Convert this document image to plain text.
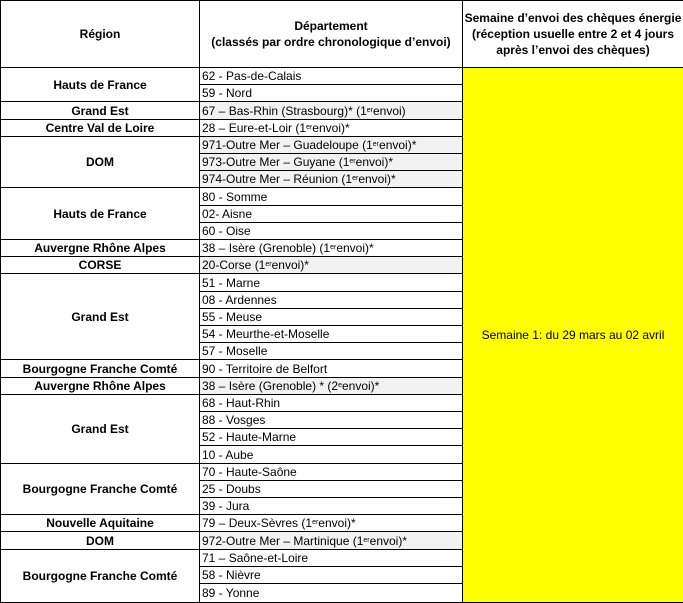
Région
Département
(classés par ordre chronologique d’envoi)
Semaine d’envoi des chèques énergie
(réception usuelle entre 2 et 4 jours
après l’envoi des chèques)
Semaine 1: du 29 mars au 02 avril
62 - Pas-de-Calais
59 - Nord
67 – Bas-Rhin (Strasbourg)* (1 er envoi)
28 – Eure-et-Loir (1 er envoi)*
971-Outre Mer – Guadeloupe (1 er envoi)*
973-Outre Mer – Guyane (1 er envoi)*
974-Outre Mer – Réunion (1 er envoi)*
80 - Somme
02- Aisne
60 - Oise
38 – Isère (Grenoble) (1 er envoi)*
20-Corse (1 er envoi)*
51 - Marne
08 - Ardennes
55 - Meuse
54 - Meurthe-et-Moselle
57 - Moselle
90 - Territoire de Belfort
38 – Isère (Grenoble) * (2 e envoi)*
68 - Haut-Rhin
88 - Vosges
52 - Haute-Marne
10 - Aube
70 - Haute-Saône
25 - Doubs
39 - Jura
79 – Deux-Sèvres (1 er envoi)*
972-Outre Mer – Martinique (1 er envoi)*
71 – Saône-et-Loire
58 - Nièvre
89 - Yonne
Hauts de France
Grand Est
Centre Val de Loire
DOM
Hauts de France
Auvergne Rhône Alpes
CORSE
Grand Est
Bourgogne Franche Comté
Auvergne Rhône Alpes
Grand Est
Bourgogne Franche Comté
Nouvelle Aquitaine
DOM
Bourgogne Franche Comté
